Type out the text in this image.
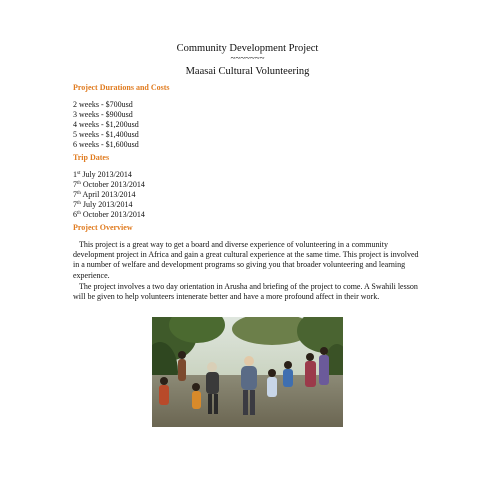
Community Development Project
~~~~~~~
Maasai Cultural Volunteering
Project Durations and Costs
2 weeks - $700usd
3 weeks - $900usd
4 weeks - $1,200usd
5 weeks - $1,400usd
6 weeks - $1,600usd
Trip Dates
1st July 2013/2014
7th October 2013/2014
7th April 2013/2014
7th July 2013/2014
6th October 2013/2014
Project Overview
This project is a great way to get a board and diverse experience of volunteering in a community development project in Africa and gain a great cultural experience at the same time. This project is involved in a number of welfare and development programs so giving you that broader volunteering and learning experience.
The project involves a two day orientation in Arusha and briefing of the project to come. A Swahili lesson will be given to help volunteers intenerate better and have a more profound affect in their work.
